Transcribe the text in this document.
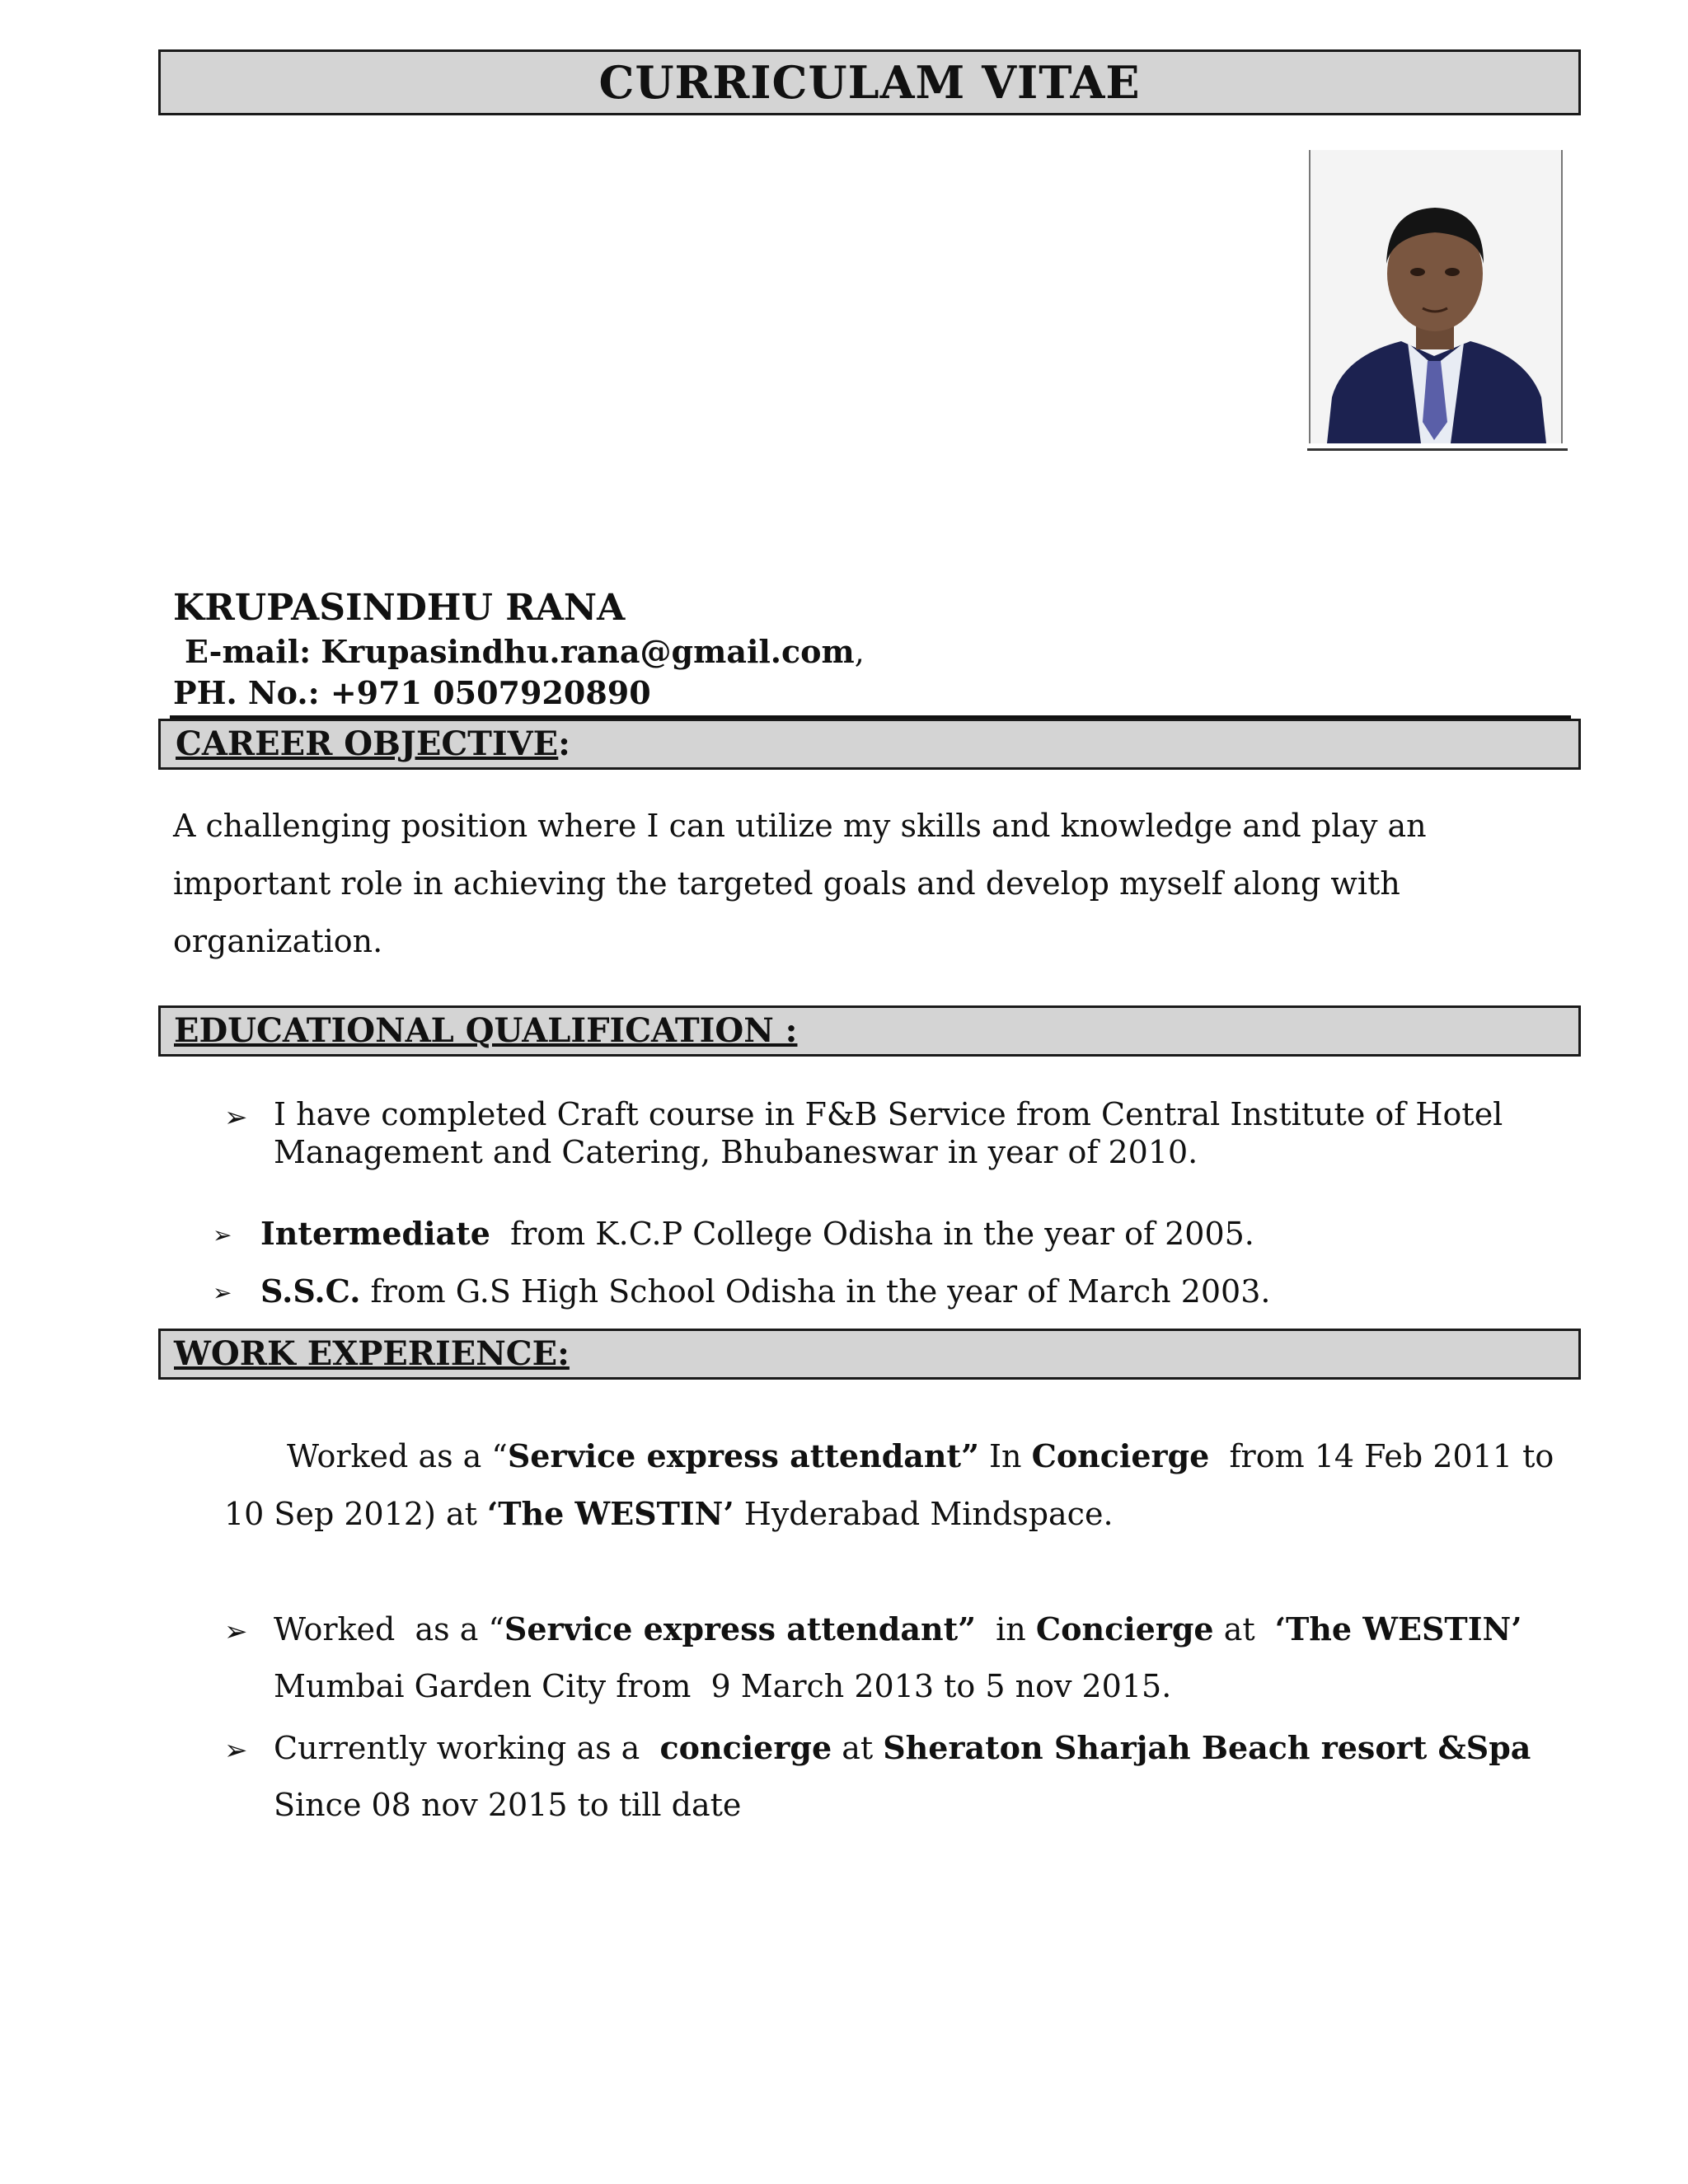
CURRICULAM VITAE
KRUPASINDHU RANA
E-mail: Krupasindhu.rana@gmail.com,
PH. No.: +971 0507920890
CAREER OBJECTIVE:
A challenging position where I can utilize my skills and knowledge and play an
important role in achieving the targeted goals and develop myself along with
organization.
EDUCATIONAL QUALIFICATION :
➢ I have completed Craft course in F&B Service from Central Institute of Hotel
Management and Catering, Bhubaneswar in year of 2010.
➢ Intermediate from K.C.P College Odisha in the year of 2005.
➢ S.S.C. from G.S High School Odisha in the year of March 2003.
WORK EXPERIENCE:
Worked as a “Service express attendant” In Concierge  from 14 Feb 2011 to
10 Sep 2012) at ‘The WESTIN’ Hyderabad Mindspace.
➢ Worked  as a “Service express attendant”  in Concierge at  ‘The WESTIN’
Mumbai Garden City from  9 March 2013 to 5 nov 2015.
➢ Currently working as a  concierge at Sheraton Sharjah Beach resort &Spa
Since 08 nov 2015 to till date
